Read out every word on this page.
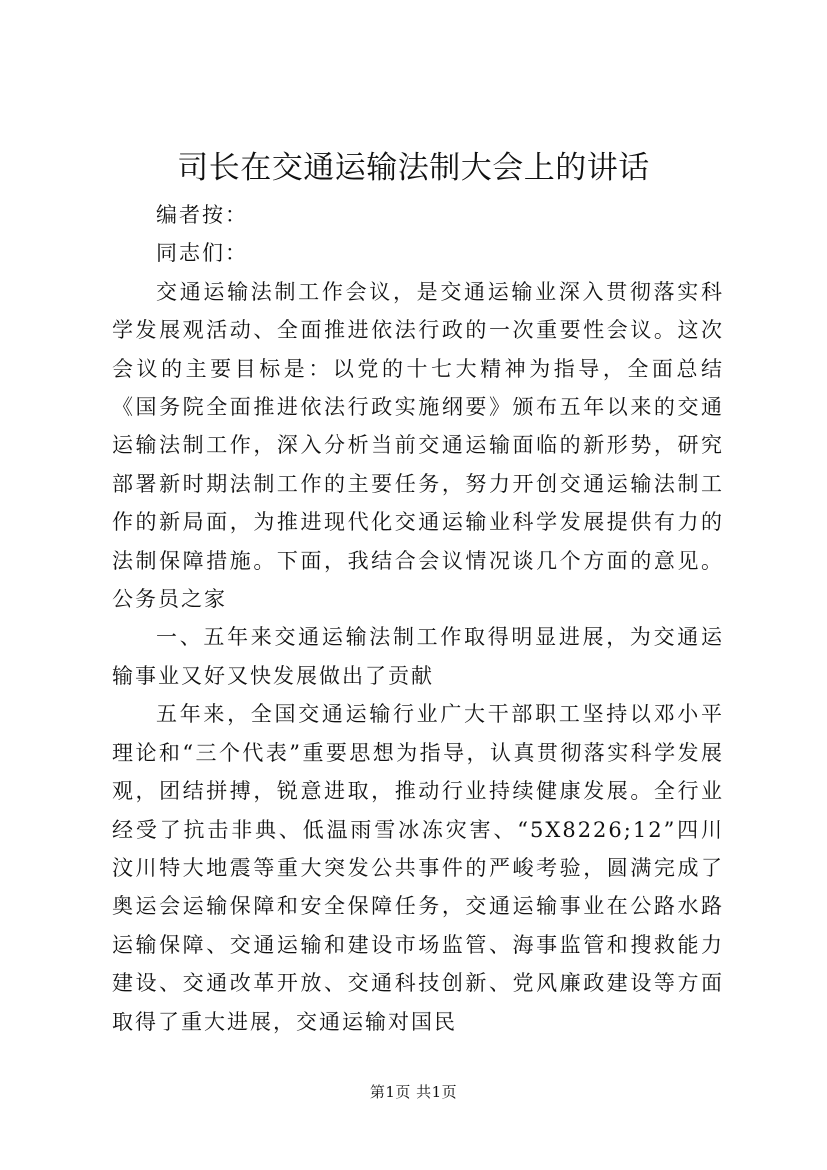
司长在交通运输法制大会上的讲话

编者按：

同志们：

交通运输法制工作会议，是交通运输业深入贯彻落实科学发展观活动、全面推进依法行政的一次重要性会议。这次会议的主要目标是：以党的十七大精神为指导，全面总结《国务院全面推进依法行政实施纲要》颁布五年以来的交通运输法制工作，深入分析当前交通运输面临的新形势，研究部署新时期法制工作的主要任务，努力开创交通运输法制工作的新局面，为推进现代化交通运输业科学发展提供有力的法制保障措施。下面，我结合会议情况谈几个方面的意见。公务员之家

一、五年来交通运输法制工作取得明显进展，为交通运输事业又好又快发展做出了贡献

五年来，全国交通运输行业广大干部职工坚持以邓小平理论和“三个代表”重要思想为指导，认真贯彻落实科学发展观，团结拼搏，锐意进取，推动行业持续健康发展。全行业经受了抗击非典、低温雨雪冰冻灾害、“5X8226;12”四川汶川特大地震等重大突发公共事件的严峻考验，圆满完成了奥运会运输保障和安全保障任务，交通运输事业在公路水路运输保障、交通运输和建设市场监管、海事监管和搜救能力建设、交通改革开放、交通科技创新、党风廉政建设等方面取得了重大进展，交通运输对国民

第1页 共1页
